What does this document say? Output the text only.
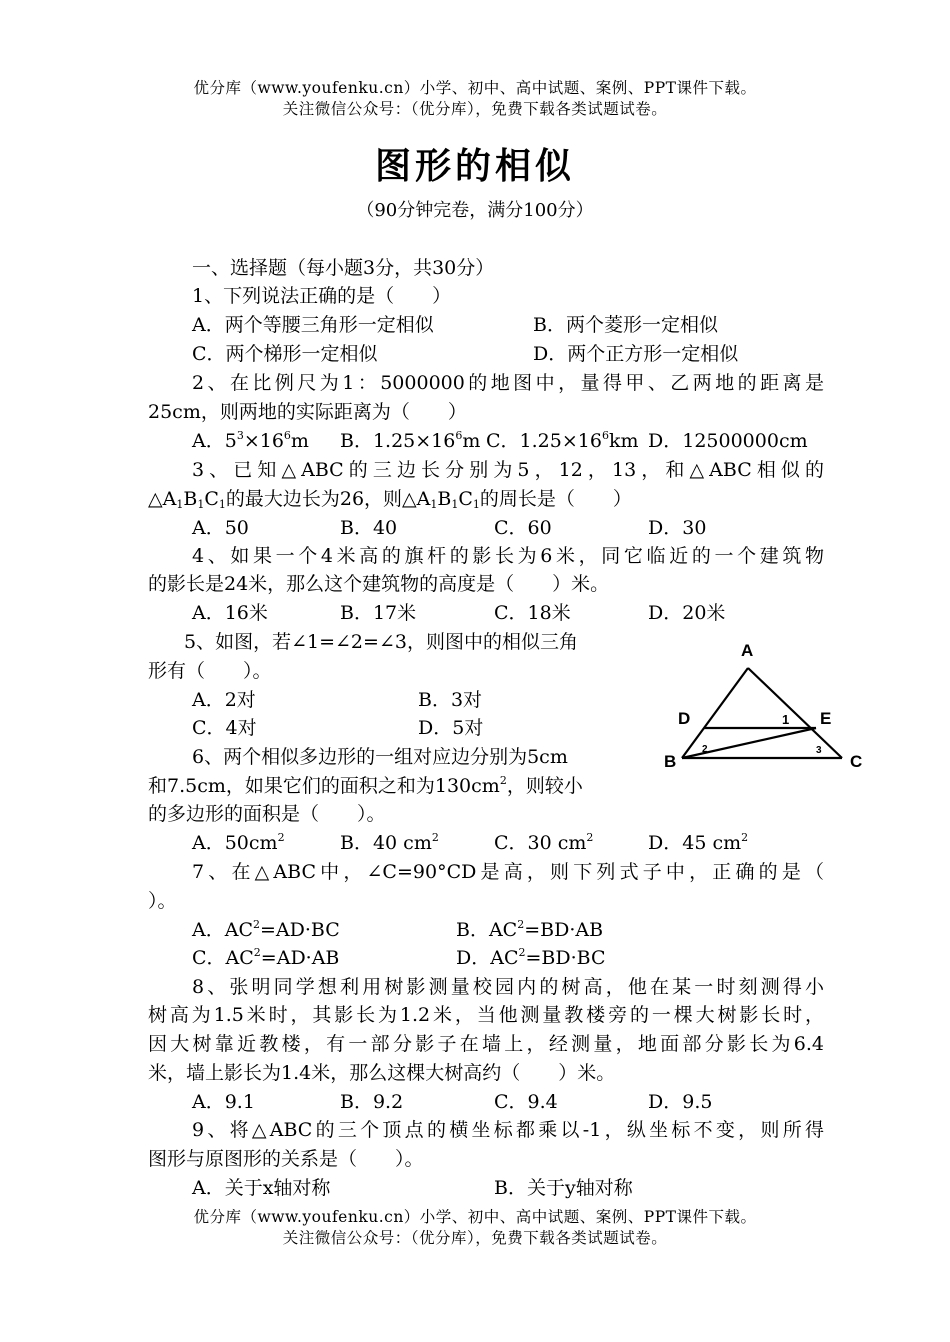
优分库（www.youfenku.cn）小学、初中、高中试题、案例、PPT课件下载。
关注微信公众号：（优分库），免费下载各类试题试卷。
图形的相似
（90分钟完卷，满分100分）
一、选择题（每小题3分，共30分）
1、下列说法正确的是（　　）
A．两个等腰三角形一定相似	B．两个菱形一定相似
C．两个梯形一定相似	D．两个正方形一定相似
2、在比例尺为1：5000000的地图中，量得甲、乙两地的距离是
25cm，则两地的实际距离为（　　）
A．$5^3\times 16^6m$ B．$1.25\times 16^6m$ C．$1.25\times 16^6km$ D．12500000cm
3、已知△ABC的三边长分别为5，12，13，和△ABC相似的
$\triangle A_1B_1C_1$的最大边长为26，则$\triangle A_1B_1C_1$的周长是（　　）
A．50	B．40	C．60	D．30
4、如果一个4米高的旗杆的影长为6米，同它临近的一个建筑物
的影长是24米，那么这个建筑物的高度是（　　）米。
A．16米	B．17米	C．18米	D．20米
5、如图，若∠1=∠2=∠3，则图中的相似三角
形有（　　）。
A．2对	B．3对
C．4对	D．5对
A
B	C
D	E
1
2	3
6、两个相似多边形的一组对应边分别为5cm
和7.5cm，如果它们的面积之和为$130cm^2$，则较小
的多边形的面积是（　　）。
A．$50cm^2$	B．40 $cm^2$	C．30 $cm^2$	D．45 $cm^2$
7、在△ABC中，∠C=90°CD是高，则下列式子中，正确的是（
）。
A．$AC^2=AD\cdot BC$	B．$AC^2=BD\cdot AB$
C．$AC^2=AD\cdot AB$	D．$AC^2=BD\cdot BC$
8、张明同学想利用树影测量校园内的树高，他在某一时刻测得小
树高为1.5米时，其影长为1.2米，当他测量教楼旁的一棵大树影长时，
因大树靠近教楼，有一部分影子在墙上，经测量，地面部分影长为6.4
米，墙上影长为1.4米，那么这棵大树高约（　　）米。
A．9.1	B．9.2	C．9.4	D．9.5
9、将△ABC的三个顶点的横坐标都乘以-1，纵坐标不变，则所得
图形与原图形的关系是（　　）。
A．关于x轴对称	B．关于y轴对称
优分库（www.youfenku.cn）小学、初中、高中试题、案例、PPT课件下载。
关注微信公众号：（优分库），免费下载各类试题试卷。
